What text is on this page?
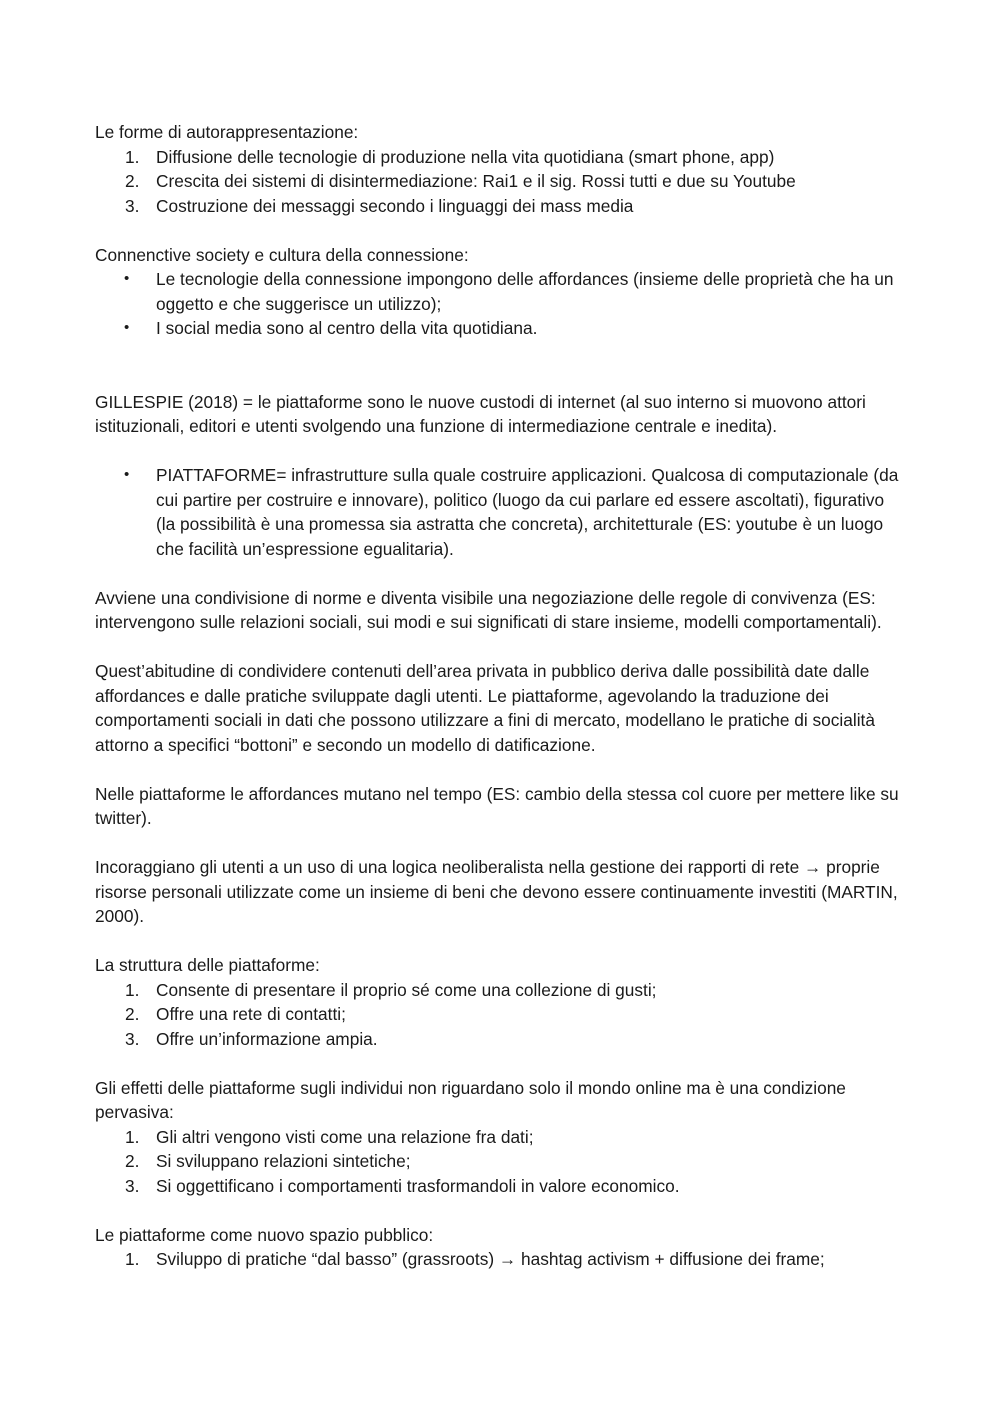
Le forme di autorappresentazione:

1. Diffusione delle tecnologie di produzione nella vita quotidiana (smart phone, app)
2. Crescita dei sistemi di disintermediazione: Rai1 e il sig. Rossi tutti e due su Youtube
3. Costruzione dei messaggi secondo i linguaggi dei mass media

Connenctive society e cultura della connessione:

• Le tecnologie della connessione impongono delle affordances (insieme delle proprietà che ha un oggetto e che suggerisce un utilizzo);
• I social media sono al centro della vita quotidiana.

GILLESPIE (2018) = le piattaforme sono le nuove custodi di internet (al suo interno si muovono attori istituzionali, editori e utenti svolgendo una funzione di intermediazione centrale e inedita).

• PIATTAFORME= infrastrutture sulla quale costruire applicazioni. Qualcosa di computazionale (da cui partire per costruire e innovare), politico (luogo da cui parlare ed essere ascoltati), figurativo (la possibilità è una promessa sia astratta che concreta), architetturale (ES: youtube è un luogo che facilità un’espressione egualitaria).

Avviene una condivisione di norme e diventa visibile una negoziazione delle regole di convivenza (ES: intervengono sulle relazioni sociali, sui modi e sui significati di stare insieme, modelli comportamentali).

Quest’abitudine di condividere contenuti dell’area privata in pubblico deriva dalle possibilità date dalle affordances e dalle pratiche sviluppate dagli utenti. Le piattaforme, agevolando la traduzione dei comportamenti sociali in dati che possono utilizzare a fini di mercato, modellano le pratiche di socialità attorno a specifici “bottoni” e secondo un modello di datificazione.

Nelle piattaforme le affordances mutano nel tempo (ES: cambio della stessa col cuore per mettere like su twitter).

Incoraggiano gli utenti a un uso di una logica neoliberalista nella gestione dei rapporti di rete → proprie risorse personali utilizzate come un insieme di beni che devono essere continuamente investiti (MARTIN, 2000).

La struttura delle piattaforme:

1. Consente di presentare il proprio sé come una collezione di gusti;
2. Offre una rete di contatti;
3. Offre un’informazione ampia.

Gli effetti delle piattaforme sugli individui non riguardano solo il mondo online ma è una condizione pervasiva:

1. Gli altri vengono visti come una relazione fra dati;
2. Si sviluppano relazioni sintetiche;
3. Si oggettificano i comportamenti trasformandoli in valore economico.

Le piattaforme come nuovo spazio pubblico:

1. Sviluppo di pratiche “dal basso” (grassroots) → hashtag activism + diffusione dei frame;
